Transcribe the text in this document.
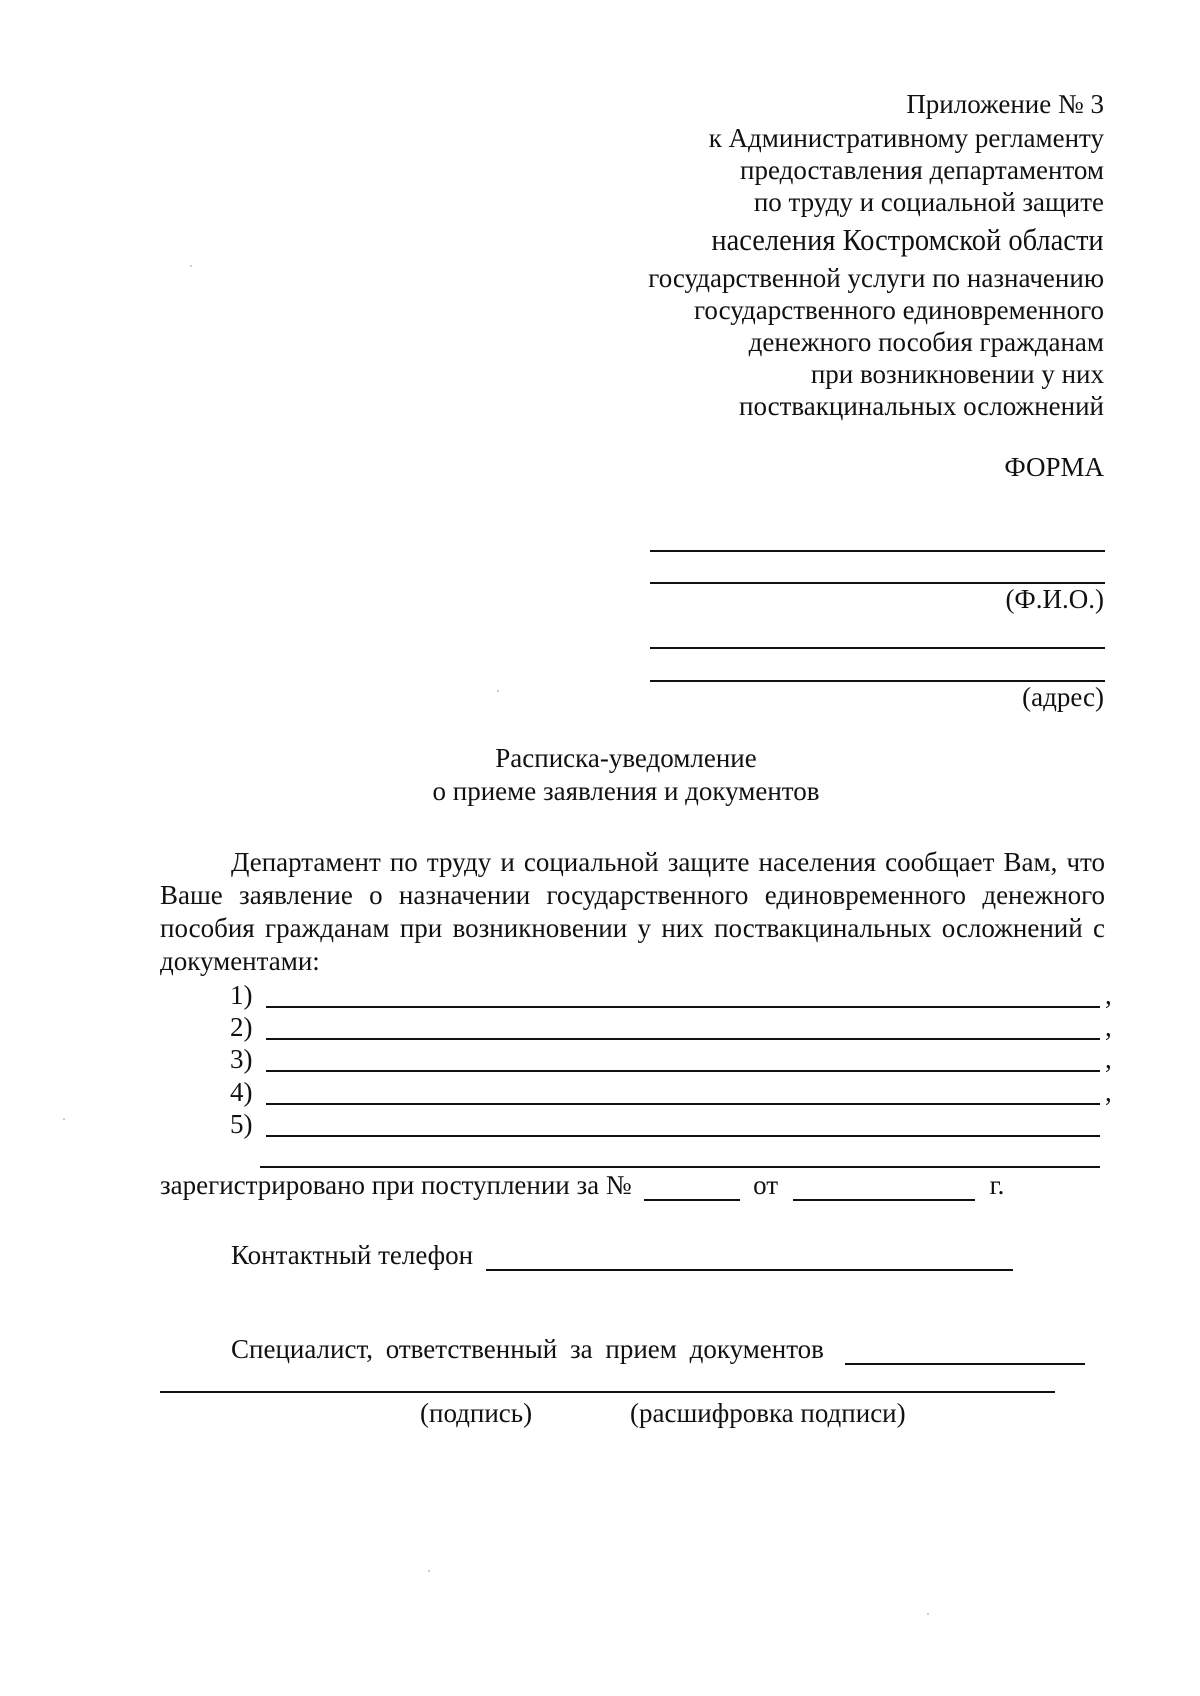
Приложение № 3
к Административному регламенту
предоставления департаментом
по труду и социальной защите
населения Костромской области
государственной услуги по назначению
государственного единовременного
денежного пособия гражданам
при возникновении у них
поствакцинальных осложнений
ФОРМА
(Ф.И.О.)
(адрес)
Расписка-уведомление
о приеме заявления и документов
Департамент по труду и социальной защите населения сообщает Вам, что Ваше заявление о назначении государственного единовременного денежного пособия гражданам при возникновении у них поствакцинальных осложнений с документами:
1)	,
2)	,
3)	,
4)	,
5)
зарегистрировано при поступлении за №	от	г.
Контактный телефон
Специалист, ответственный за прием документов
(подпись)	(расшифровка подписи)
